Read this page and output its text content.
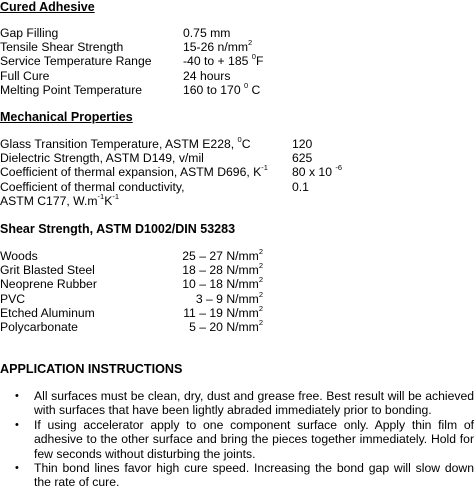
Cured Adhesive
Gap Filling	0.75 mm
Tensile Shear Strength	15-26 $n/mm^2$
Service Temperature Range	-40 to + 185 $^0$F
Full Cure	24 hours
Melting Point Temperature	160 to 170 $^0$ C
Mechanical Properties
Glass Transition Temperature, ASTM E228, $^0$C	120
Dielectric Strength, ASTM D149, v/mil	625
Coefficient of thermal expansion, ASTM D696, $K^{-1}$ 80 x 10 $^{-6}$
Coefficient of thermal conductivity,	0.1
ASTM C177, $W.m^{-1}K^{-1}$
Shear Strength, ASTM D1002/DIN 53283
Woods	25 – 27 $N/mm^2$
Grit Blasted Steel	18 – 28 $N/mm^2$
Neoprene Rubber	10 – 18 $N/mm^2$
PVC	3 – 9 $N/mm^2$
Etched Aluminum	11 – 19 $N/mm^2$
Polycarbonate	5 – 20 $N/mm^2$
APPLICATION INSTRUCTIONS
• All surfaces must be clean, dry, dust and grease free. Best result will be achieved with surfaces that have been lightly abraded immediately prior to bonding.
• If using accelerator apply to one component surface only. Apply thin film of adhesive to the other surface and bring the pieces together immediately. Hold for few seconds without disturbing the joints.
• Thin bond lines favor high cure speed. Increasing the bond gap will slow down the rate of cure.
